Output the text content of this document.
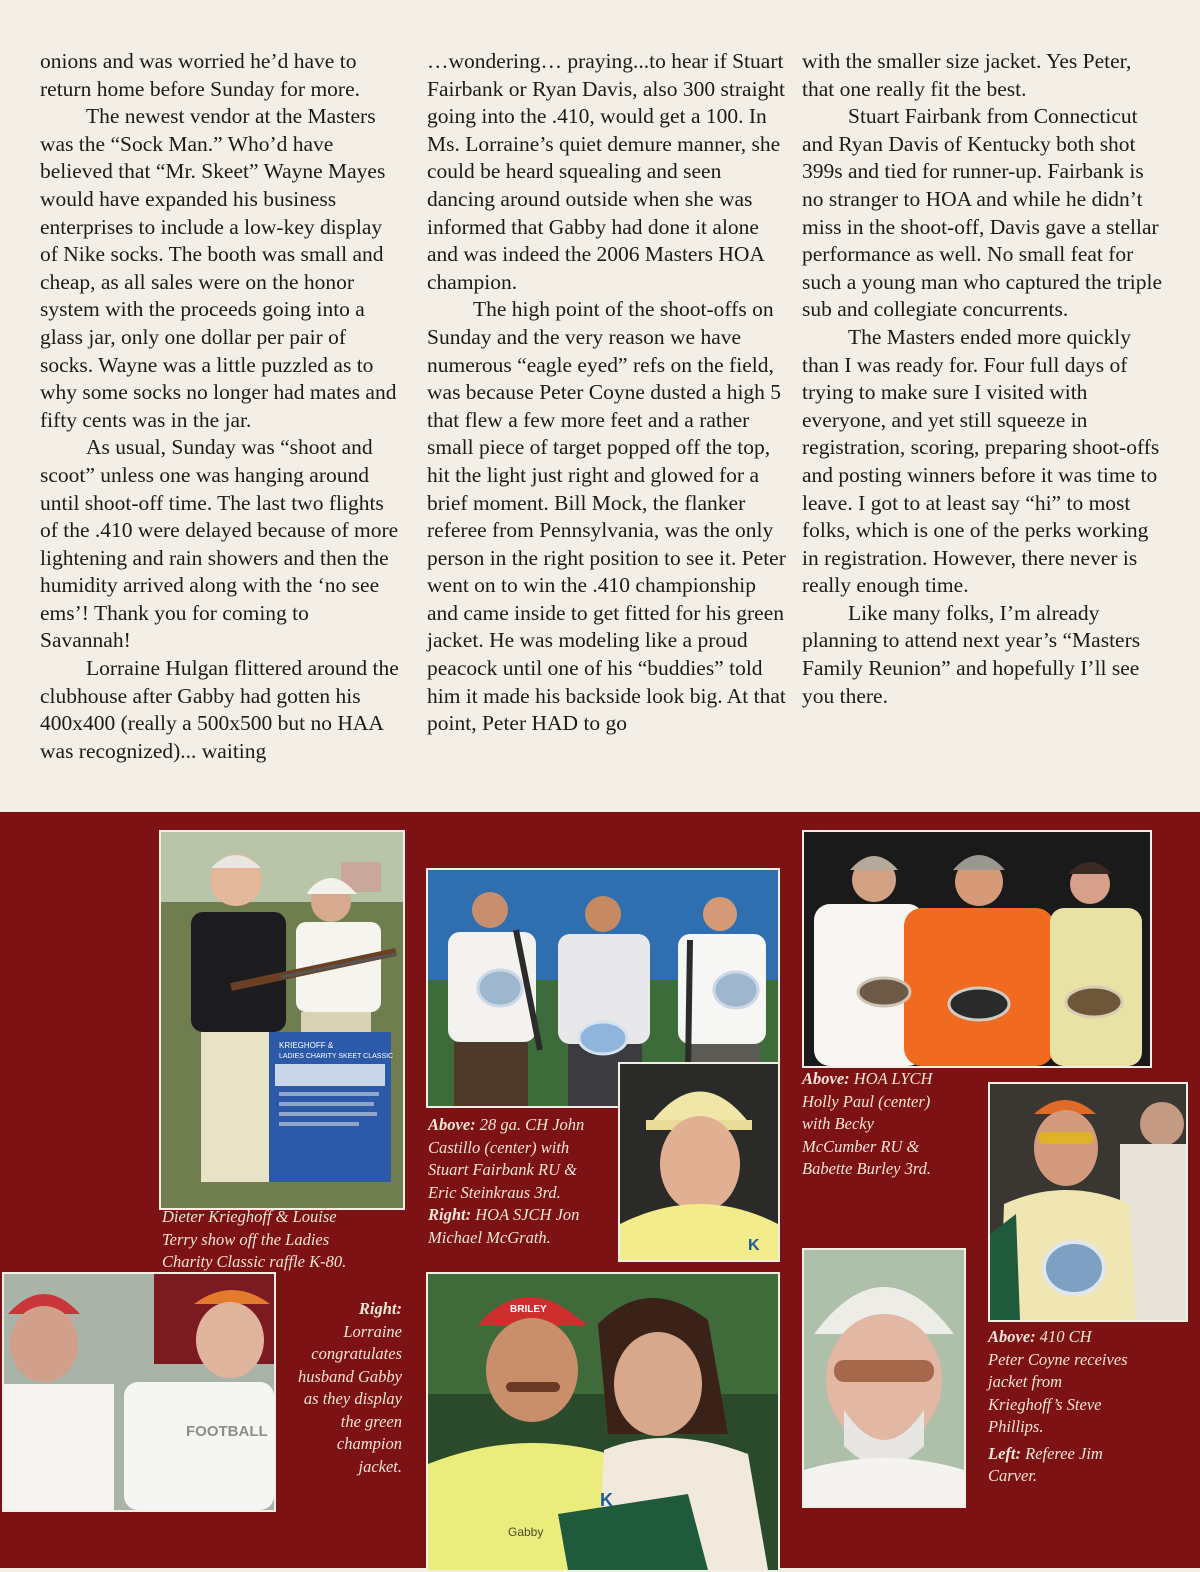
onions and was worried he’d have to return home before Sunday for more.

The newest vendor at the Masters was the “Sock Man.” Who’d have believed that “Mr. Skeet” Wayne Mayes would have expanded his business enterprises to include a low-key display of Nike socks. The booth was small and cheap, as all sales were on the honor system with the proceeds going into a glass jar, only one dollar per pair of socks. Wayne was a little puzzled as to why some socks no longer had mates and fifty cents was in the jar.

As usual, Sunday was “shoot and scoot” unless one was hanging around until shoot-off time. The last two flights of the .410 were delayed because of more lightening and rain showers and then the humidity arrived along with the ‘no see ems’! Thank you for coming to Savannah!

Lorraine Hulgan flittered around the clubhouse after Gabby had gotten his 400x400 (really a 500x500 but no HAA was recognized)... waiting

…wondering… praying...to hear if Stuart Fairbank or Ryan Davis, also 300 straight going into the .410, would get a 100. In Ms. Lorraine’s quiet demure manner, she could be heard squealing and seen dancing around outside when she was informed that Gabby had done it alone and was indeed the 2006 Masters HOA champion.

The high point of the shoot-offs on Sunday and the very reason we have numerous “eagle eyed” refs on the field, was because Peter Coyne dusted a high 5 that flew a few more feet and a rather small piece of target popped off the top, hit the light just right and glowed for a brief moment. Bill Mock, the flanker referee from Pennsylvania, was the only person in the right position to see it. Peter went on to win the .410 championship and came inside to get fitted for his green jacket. He was modeling like a proud peacock until one of his “buddies” told him it made his backside look big. At that point, Peter HAD to go

with the smaller size jacket. Yes Peter, that one really fit the best.

Stuart Fairbank from Connecticut and Ryan Davis of Kentucky both shot 399s and tied for runner-up. Fairbank is no stranger to HOA and while he didn’t miss in the shoot-off, Davis gave a stellar performance as well. No small feat for such a young man who captured the triple sub and collegiate concurrents.

The Masters ended more quickly than I was ready for. Four full days of trying to make sure I visited with everyone, and yet still squeeze in registration, scoring, preparing shoot-offs and posting winners before it was time to leave. I got to at least say “hi” to most folks, which is one of the perks working in registration. However, there never is really enough time.

Like many folks, I’m already planning to attend next year’s “Masters Family Reunion” and hopefully I’ll see you there.

KRIEGHOFF &
LADIES CHARITY SKEET CLASSIC
Dieter Krieghoff & Louise
Terry show off the Ladies
Charity Classic raffle K-80.
Above: 28 ga. CH John
Castillo (center) with
Stuart Fairbank RU &
Eric Steinkraus 3rd.
Right: HOA SJCH Jon
Michael McGrath.	K
Above: HOA LYCH
Holly Paul (center)
with Becky
McCumber RU &
Babette Burley 3rd.
Above: 410 CH
Peter Coyne receives
jacket from
Krieghoff’s Steve
Phillips.
Left: Referee Jim
Carver.
FOOTBALL
Right:
Lorraine
congratulates
husband Gabby
as they display
the green
champion
jacket.
BRILEY
Gabby
K
